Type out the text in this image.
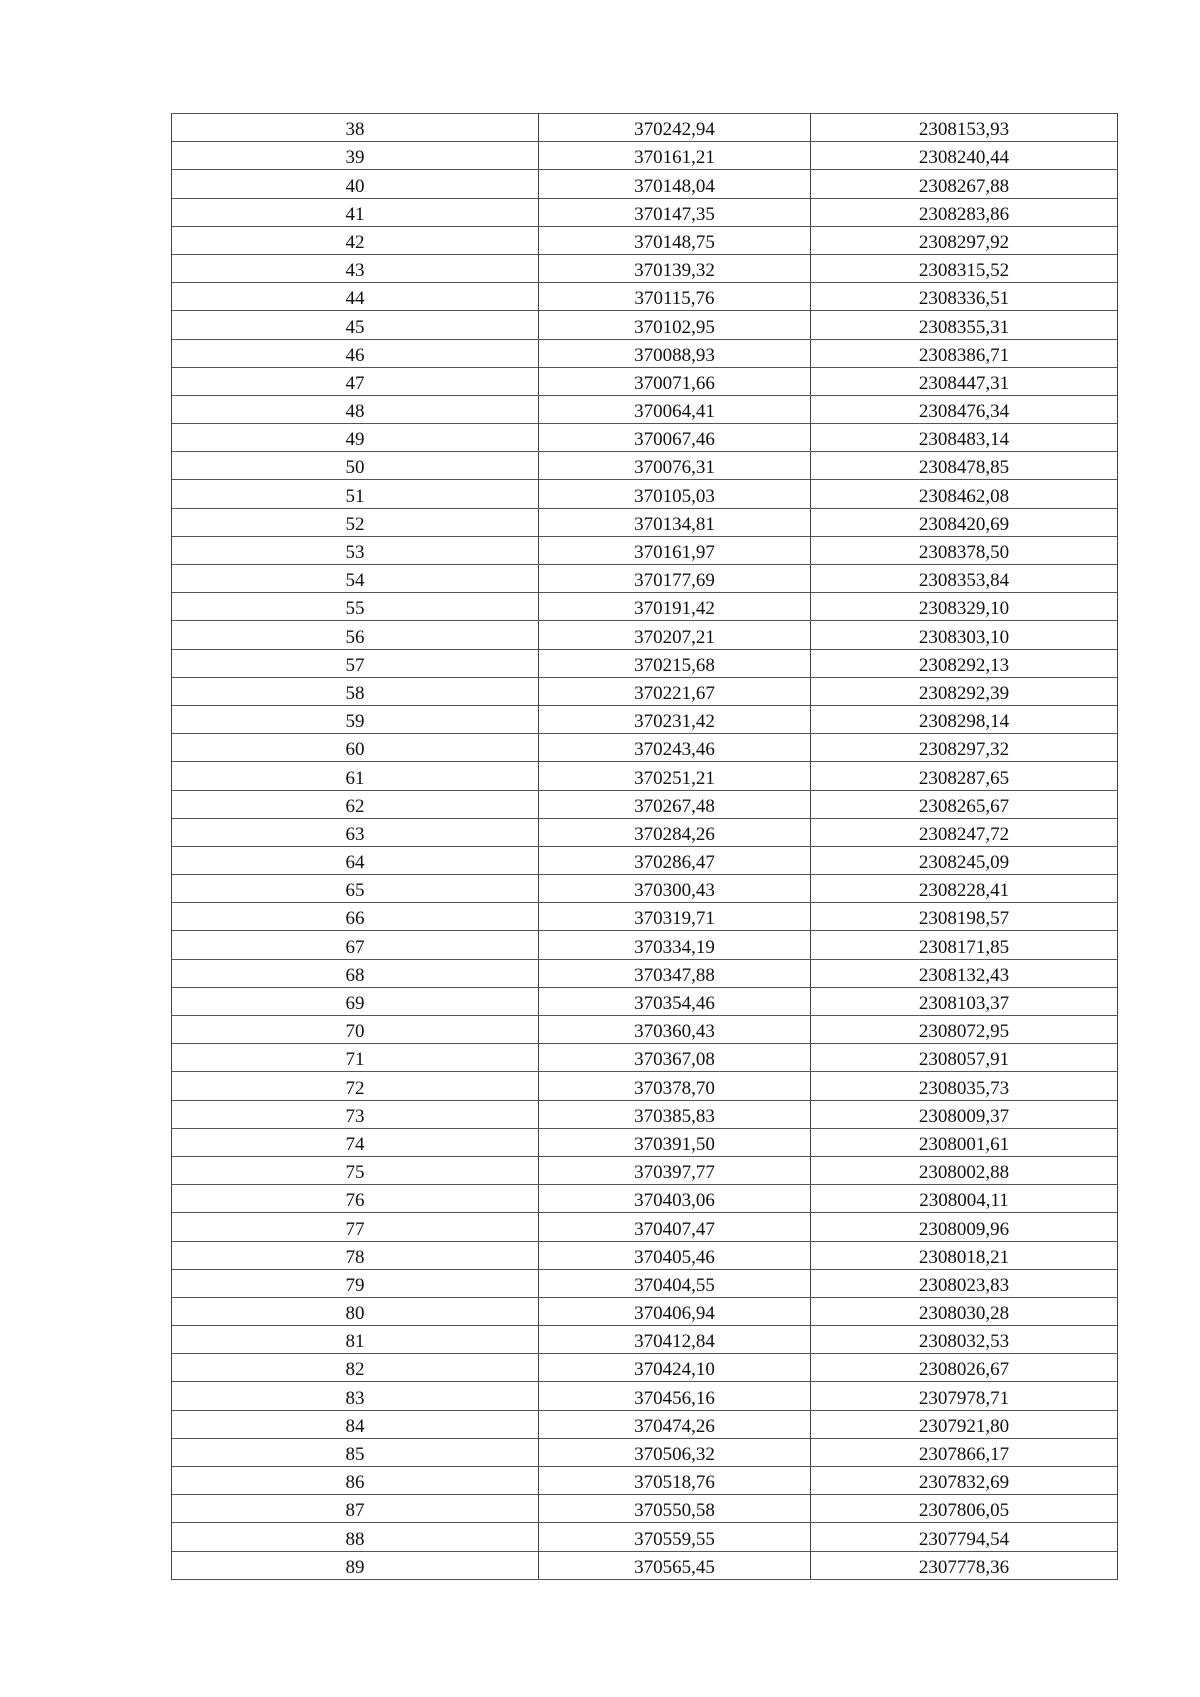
38	370242,94	2308153,93
39	370161,21	2308240,44
40	370148,04	2308267,88
41	370147,35	2308283,86
42	370148,75	2308297,92
43	370139,32	2308315,52
44	370115,76	2308336,51
45	370102,95	2308355,31
46	370088,93	2308386,71
47	370071,66	2308447,31
48	370064,41	2308476,34
49	370067,46	2308483,14
50	370076,31	2308478,85
51	370105,03	2308462,08
52	370134,81	2308420,69
53	370161,97	2308378,50
54	370177,69	2308353,84
55	370191,42	2308329,10
56	370207,21	2308303,10
57	370215,68	2308292,13
58	370221,67	2308292,39
59	370231,42	2308298,14
60	370243,46	2308297,32
61	370251,21	2308287,65
62	370267,48	2308265,67
63	370284,26	2308247,72
64	370286,47	2308245,09
65	370300,43	2308228,41
66	370319,71	2308198,57
67	370334,19	2308171,85
68	370347,88	2308132,43
69	370354,46	2308103,37
70	370360,43	2308072,95
71	370367,08	2308057,91
72	370378,70	2308035,73
73	370385,83	2308009,37
74	370391,50	2308001,61
75	370397,77	2308002,88
76	370403,06	2308004,11
77	370407,47	2308009,96
78	370405,46	2308018,21
79	370404,55	2308023,83
80	370406,94	2308030,28
81	370412,84	2308032,53
82	370424,10	2308026,67
83	370456,16	2307978,71
84	370474,26	2307921,80
85	370506,32	2307866,17
86	370518,76	2307832,69
87	370550,58	2307806,05
88	370559,55	2307794,54
89	370565,45	2307778,36
